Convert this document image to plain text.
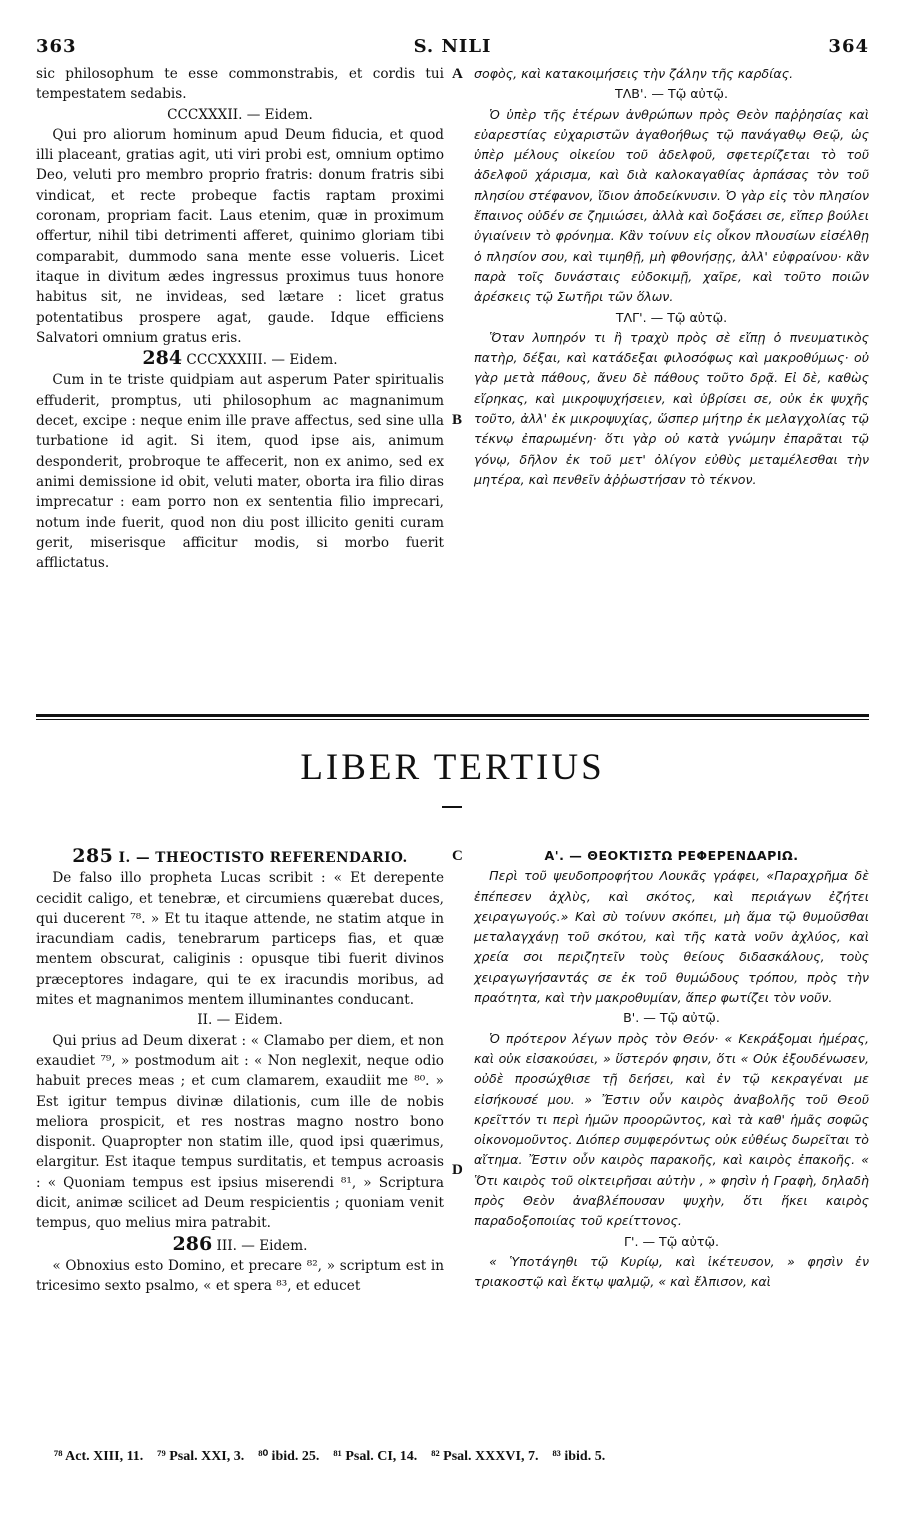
S. NILI
363	364

sic philosophum te esse commonstrabis, et cordis tui tempestatem sedabis.

CCCXXXII. — Eidem.

Qui pro aliorum hominum apud Deum fiducia, et quod illi placeant, gratias agit, uti viri probi est, omnium optimo Deo, veluti pro membro proprio fratris: donum fratris sibi vindicat, et recte probeque factis raptam proximi coronam, propriam facit. Laus etenim, quæ in proximum offertur, nihil tibi detrimenti afferet, quinimo gloriam tibi comparabit, dummodo sana mente esse volueris. Licet itaque in divitum ædes ingressus proximus tuus honore habitus sit, ne invideas, sed lætare : licet gratus potentatibus prospere agat, gaude. Idque efficiens Salvatori omnium gratus eris.

284 CCCXXXIII. — Eidem.

Cum in te triste quidpiam aut asperum Pater spiritualis effuderit, promptus, uti philosophum ac magnanimum decet, excipe : neque enim ille prave affectus, sed sine ulla turbatione id agit. Si item, quod ipse ais, animum desponderit, probroque te affecerit, non ex animo, sed ex animi demissione id obit, veluti mater, oborta ira filio diras imprecatur : eam porro non ex sententia filio imprecari, notum inde fuerit, quod non diu post illicito geniti curam gerit, miserisque afficitur modis, si morbo fuerit afflictatus.

σοφὸς, καὶ κατακοιμήσεις τὴν ζάλην τῆς καρδίας.

ΤΛΒ'. — Τῷ αὐτῷ.

Ὁ ὑπὲρ τῆς ἑτέρων ἀνθρώπων πρὸς Θεὸν παῤῥησίας καὶ εὐαρεστίας εὐχαριστῶν ἀγαθοήθως τῷ πανάγαθῳ Θεῷ, ὡς ὑπὲρ μέλους οἰκείου τοῦ ἀδελφοῦ, σφετερίζεται τὸ τοῦ ἀδελφοῦ χάρισμα, καὶ διὰ καλοκαγαθίας ἁρπάσας τὸν τοῦ πλησίου στέφανον, ἴδιον ἀποδείκνυσιν. Ὁ γὰρ εἰς τὸν πλησίον ἔπαινος οὐδέν σε ζημιώσει, ἀλλὰ καὶ δοξάσει σε, εἴπερ βούλει ὑγιαίνειν τὸ φρόνημα. Κἂν τοίνυν εἰς οἶκον πλουσίων εἰσέλθῃ ὁ πλησίον σου, καὶ τιμηθῇ, μὴ φθονήσῃς, ἀλλ' εὐφραίνου· κἂν παρὰ τοῖς δυνάσταις εὐδοκιμῇ, χαῖρε, καὶ τοῦτο ποιῶν ἀρέσκεις τῷ Σωτῆρι τῶν ὅλων.

ΤΛΓ'. — Τῷ αὐτῷ.

Ὅταν λυπηρόν τι ἢ τραχὺ πρὸς σὲ εἴπῃ ὁ πνευματικὸς πατὴρ, δέξαι, καὶ κατάδεξαι φιλοσόφως καὶ μακροθύμως· οὐ γὰρ μετὰ πάθους, ἄνευ δὲ πάθους τοῦτο δρᾷ. Εἰ δὲ, καθὼς εἴρηκας, καὶ μικροψυχήσειεν, καὶ ὑβρίσει σε, οὐκ ἐκ ψυχῆς τοῦτο, ἀλλ' ἐκ μικροψυχίας, ὥσπερ μήτηρ ἐκ μελαγχολίας τῷ τέκνῳ ἐπαρωμένη· ὅτι γὰρ οὐ κατὰ γνώμην ἐπαρᾶται τῷ γόνῳ, δῆλον ἐκ τοῦ μετ' ὀλίγον εὐθὺς μεταμέλεσθαι τὴν μητέρα, καὶ πενθεῖν ἀῤῥωστήσαν τὸ τέκνον.

A
B
LIBER TERTIUS
285 I. — THEOCTISTO REFERENDARIO.

De falso illo propheta Lucas scribit : « Et derepente cecidit caligo, et tenebræ, et circumiens quærebat duces, qui ducerent ⁷⁸. » Et tu itaque attende, ne statim atque in iracundiam cadis, tenebrarum particeps fias, et quæ mentem obscurat, caliginis : opusque tibi fuerit divinos præceptores indagare, qui te ex iracundis moribus, ad mites et magnanimos mentem illuminantes conducant.

II. — Eidem.

Qui prius ad Deum dixerat : « Clamabo per diem, et non exaudiet ⁷⁹, » postmodum ait : « Non neglexit, neque odio habuit preces meas ; et cum clamarem, exaudiit me ⁸⁰. » Est igitur tempus divinæ dilationis, cum ille de nobis meliora prospicit, et res nostras magno nostro bono disponit. Quapropter non statim ille, quod ipsi quærimus, elargitur. Est itaque tempus surditatis, et tempus acroasis : « Quoniam tempus est ipsius miserendi ⁸¹, » Scriptura dicit, animæ scilicet ad Deum respicientis ; quoniam venit tempus, quo melius mira patrabit.

286 III. — Eidem.

« Obnoxius esto Domino, et precare ⁸², » scriptum est in tricesimo sexto psalmo, « et spera ⁸³, et educet

Α'. — ΘΕΟΚΤΙΣΤΩ ΡΕΦΕΡΕΝΔΑΡΙΩ.

Περὶ τοῦ ψευδοπροφήτου Λουκᾶς γράφει, «Παραχρῆμα δὲ ἐπέπεσεν ἀχλὺς, καὶ σκότος, καὶ περιάγων ἐζήτει χειραγωγούς.» Καὶ σὺ τοίνυν σκόπει, μὴ ἅμα τῷ θυμοῦσθαι μεταλαγχάνῃ τοῦ σκότου, καὶ τῆς κατὰ νοῦν ἀχλύος, καὶ χρεία σοι περιζητεῖν τοὺς θείους διδασκάλους, τοὺς χειραγωγήσαντάς σε ἐκ τοῦ θυμώδους τρόπου, πρὸς τὴν πραότητα, καὶ τὴν μακροθυμίαν, ἅπερ φωτίζει τὸν νοῦν.

Β'. — Τῷ αὐτῷ.

Ὁ πρότερον λέγων πρὸς τὸν Θεόν· « Κεκράξομαι ἡμέρας, καὶ οὐκ εἰσακούσει, » ὕστερόν φησιν, ὅτι « Οὐκ ἐξουδένωσεν, οὐδὲ προσώχθισε τῇ δεήσει, καὶ ἐν τῷ κεκραγέναι με εἰσήκουσέ μου. » Ἔστιν οὖν καιρὸς ἀναβολῆς τοῦ Θεοῦ κρεῖττόν τι περὶ ἡμῶν προορῶντος, καὶ τὰ καθ' ἡμᾶς σοφῶς οἰκονομοῦντος. Διόπερ συμφερόντως οὐκ εὐθέως δωρεῖται τὸ αἴτημα. Ἔστιν οὖν καιρὸς παρακοῆς, καὶ καιρὸς ἐπακοῆς. « Ὅτι καιρὸς τοῦ οἰκτειρῆσαι αὐτὴν , » φησὶν ἡ Γραφὴ, δηλαδὴ πρὸς Θεὸν ἀναβλέπουσαν ψυχὴν, ὅτι ἥκει καιρὸς παραδοξοποιίας τοῦ κρείττονος.

Γ'. — Τῷ αὐτῷ.

« Ὑποτάγηθι τῷ Κυρίῳ, καὶ ἱκέτευσον, » φησὶν ἐν τριακοστῷ καὶ ἕκτῳ ψαλμῷ, « καὶ ἔλπισον, καὶ

C
D
⁷⁸ Act. XIII, 11. ⁷⁹ Psal. XXI, 3. ⁸⁰ ibid. 25. ⁸¹ Psal. CI, 14. ⁸² Psal. XXXVI, 7. ⁸³ ibid. 5.
